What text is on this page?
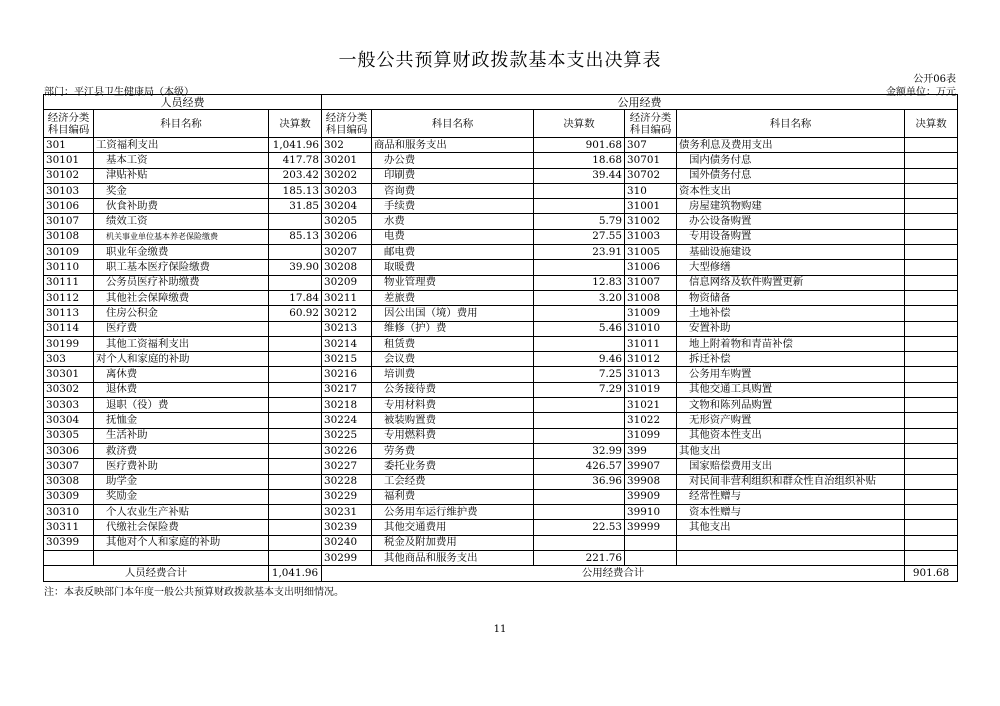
一般公共预算财政拨款基本支出决算表
公开06表
部门：平江县卫生健康局（本级）	金额单位：万元
人员经费			公用经费					
经济分类科目编码	科目名称	决算数	经济分类科目编码	科目名称	决算数	经济分类科目编码	科目名称	决算数
301	工资福利支出	1,041.96	302	商品和服务支出	901.68	307	债务利息及费用支出	
30101	基本工资	417.78	30201	办公费	18.68	30701	国内债务付息	
30102	津贴补贴	203.42	30202	印刷费	39.44	30702	国外债务付息	
30103	奖金	185.13	30203	咨询费		310	资本性支出	
30106	伙食补助费	31.85	30204	手续费		31001	房屋建筑物购建	
30107	绩效工资		30205	水费	5.79	31002	办公设备购置	
30108	机关事业单位基本养老保险缴费	85.13	30206	电费	27.55	31003	专用设备购置	
30109	职业年金缴费		30207	邮电费	23.91	31005	基础设施建设	
30110	职工基本医疗保险缴费	39.90	30208	取暖费		31006	大型修缮	
30111	公务员医疗补助缴费		30209	物业管理费	12.83	31007	信息网络及软件购置更新	
30112	其他社会保障缴费	17.84	30211	差旅费	3.20	31008	物资储备	
30113	住房公积金	60.92	30212	因公出国（境）费用		31009	土地补偿	
30114	医疗费		30213	维修（护）费	5.46	31010	安置补助	
30199	其他工资福利支出		30214	租赁费		31011	地上附着物和青苗补偿	
303	对个人和家庭的补助		30215	会议费	9.46	31012	拆迁补偿	
30301	离休费		30216	培训费	7.25	31013	公务用车购置	
30302	退休费		30217	公务接待费	7.29	31019	其他交通工具购置	
30303	退职（役）费		30218	专用材料费		31021	文物和陈列品购置	
30304	抚恤金		30224	被装购置费		31022	无形资产购置	
30305	生活补助		30225	专用燃料费		31099	其他资本性支出	
30306	救济费		30226	劳务费	32.99	399	其他支出	
30307	医疗费补助		30227	委托业务费	426.57	39907	国家赔偿费用支出	
30308	助学金		30228	工会经费	36.96	39908	对民间非营利组织和群众性自治组织补贴	
30309	奖励金		30229	福利费		39909	经常性赠与	
30310	个人农业生产补贴		30231	公务用车运行维护费		39910	资本性赠与	
30311	代缴社会保险费		30239	其他交通费用	22.53	39999	其他支出	
30399	其他对个人和家庭的补助		30240	税金及附加费用				
			30299	其他商品和服务支出	221.76			
人员经费合计		1,041.96	公用经费合计					901.68
注：本表反映部门本年度一般公共预算财政拨款基本支出明细情况。
11
